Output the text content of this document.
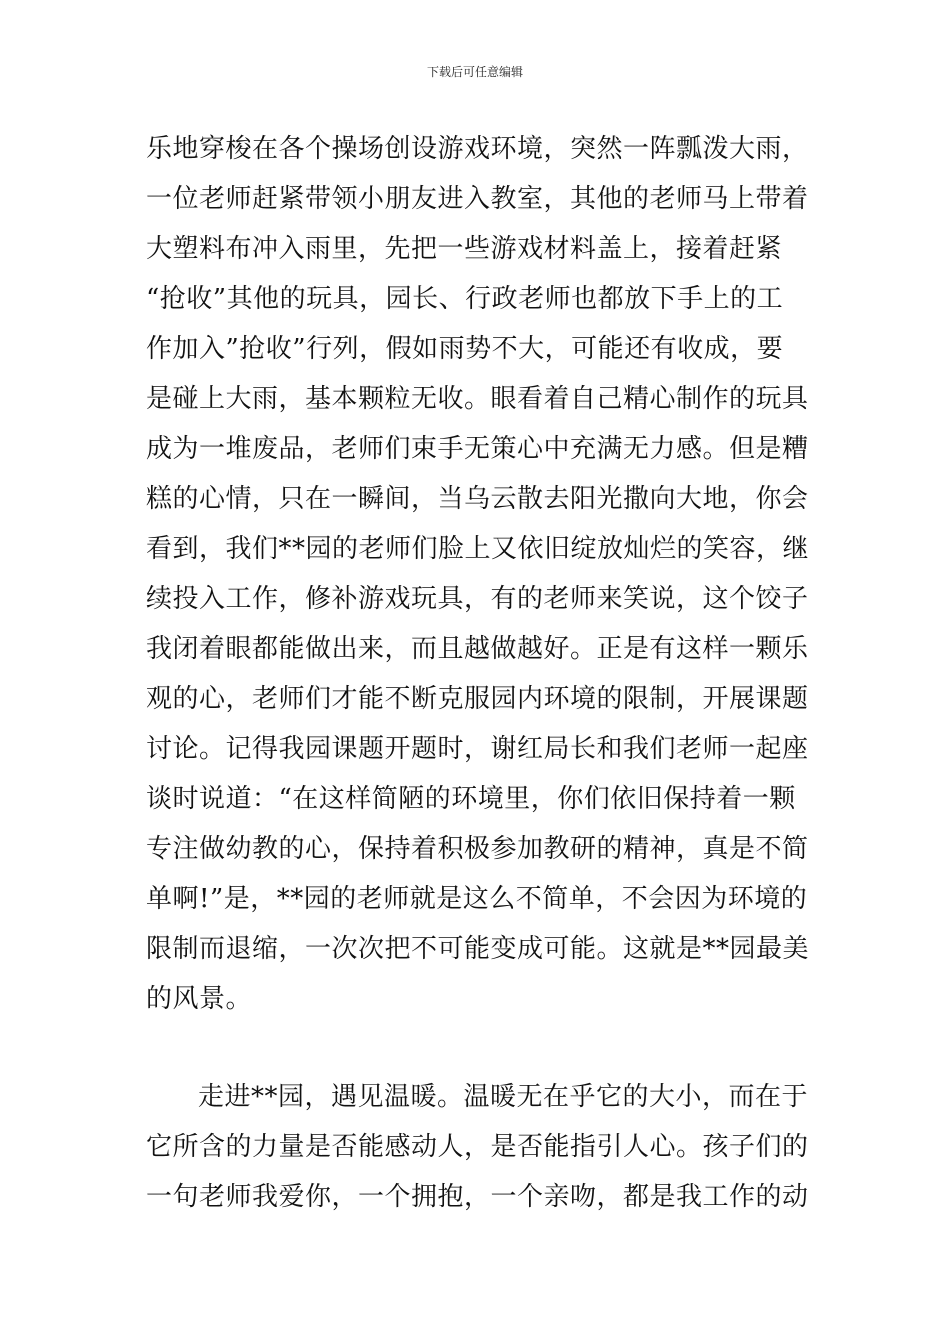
下载后可任意编辑
乐地穿梭在各个操场创设游戏环境，突然一阵瓢泼大雨，
一位老师赶紧带领小朋友进入教室，其他的老师马上带着
大塑料布冲入雨里，先把一些游戏材料盖上，接着赶紧
“抢收”其他的玩具，园长、行政老师也都放下手上的工
作加入”抢收”行列，假如雨势不大，可能还有收成，要
是碰上大雨，基本颗粒无收。眼看着自己精心制作的玩具
成为一堆废品，老师们束手无策心中充满无力感。但是糟
糕的心情，只在一瞬间，当乌云散去阳光撒向大地，你会
看到，我们**园的老师们脸上又依旧绽放灿烂的笑容，继
续投入工作，修补游戏玩具，有的老师来笑说，这个饺子
我闭着眼都能做出来，而且越做越好。正是有这样一颗乐
观的心，老师们才能不断克服园内环境的限制，开展课题
讨论。记得我园课题开题时，谢红局长和我们老师一起座
谈时说道：“在这样简陋的环境里，你们依旧保持着一颗
专注做幼教的心，保持着积极参加教研的精神，真是不简
单啊!”是，**园的老师就是这么不简单，不会因为环境的
限制而退缩，一次次把不可能变成可能。这就是**园最美
的风景。
走进**园，遇见温暖。温暖无在乎它的大小，而在于
它所含的力量是否能感动人，是否能指引人心。孩子们的
一句老师我爱你，一个拥抱，一个亲吻，都是我工作的动
